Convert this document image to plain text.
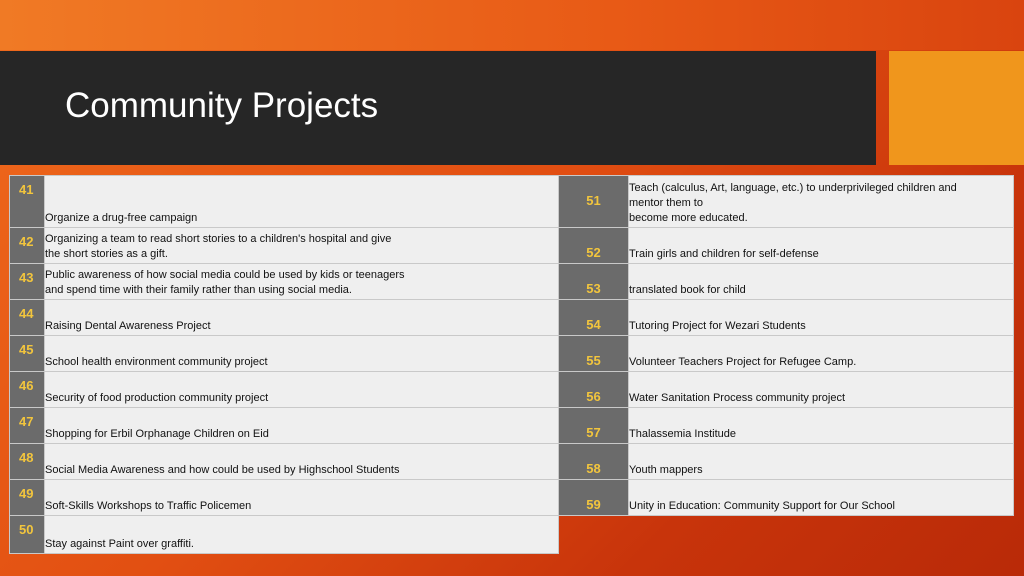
Community Projects
41	Organize a drug-free campaign

42	Organizing a team to read short stories to a children's hospital and give
the short stories as a gift.

43	Public awareness of how social media could be used by kids or teenagers
and spend time with their family rather than using social media.

44	Raising Dental Awareness Project

45	School health environment community project

46	Security of food production community project

47	Shopping for Erbil Orphanage Children on Eid

48	Social Media Awareness and how could be used by Highschool Students

49	Soft-Skills Workshops to Traffic Policemen

50	Stay against Paint over graffiti.
51	Teach (calculus, Art, language, etc.) to underprivileged children and
mentor them to
become more educated.

52	Train girls and children for self-defense

53	translated book for child

54	Tutoring Project for Wezari Students

55	Volunteer Teachers Project for Refugee Camp.

56	Water Sanitation Process community project

57	Thalassemia Institude

58	Youth mappers

59	Unity in Education: Community Support for Our School
